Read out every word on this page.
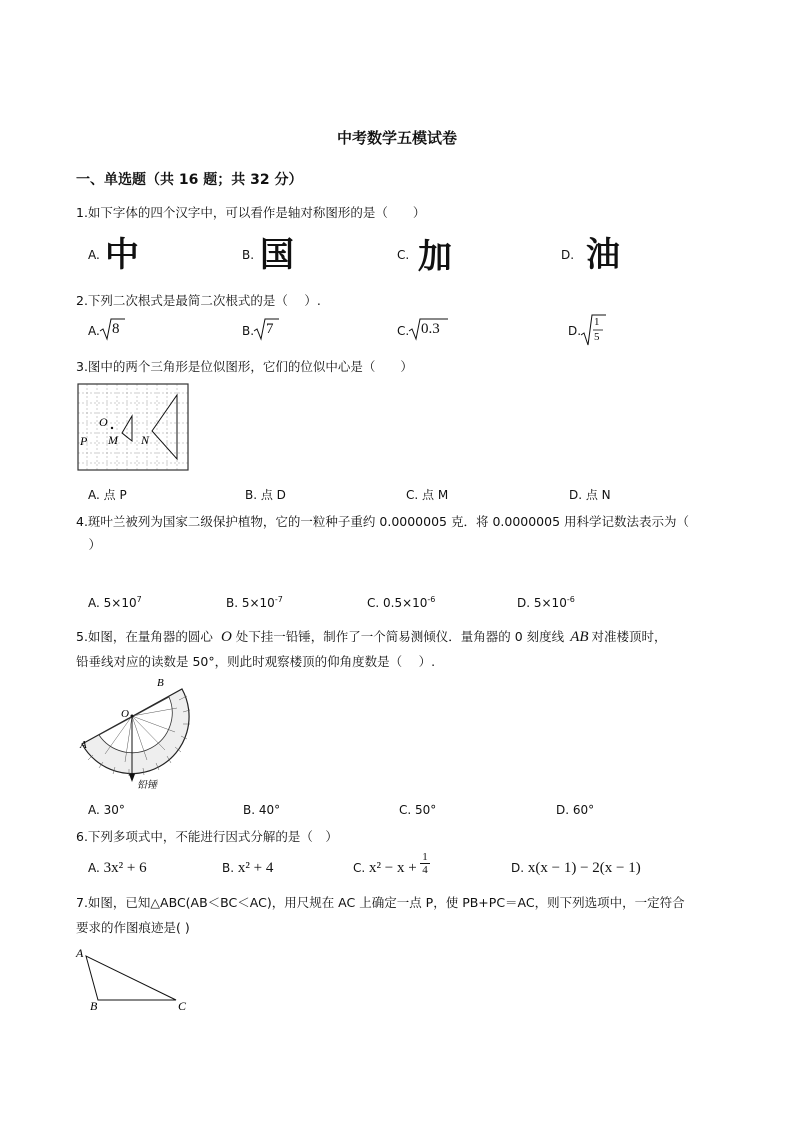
中考数学五模试卷
一、单选题（共 16 题；共 32 分）
1.如下字体的四个汉字中，可以看作是轴对称图形的是（　　）
A. 中	B. 国	C. 加	D. 油
2.下列二次根式是最简二次根式的是（　 ）.
A. 8	B. 7	C. 0.3	D.
1
5
3.图中的两个三角形是位似图形，它们的位似中心是（　　）
O
P M N
A. 点 P	B. 点 D	C. 点 M	D. 点 N
4.斑叶兰被列为国家二级保护植物，它的一粒种子重约 0.0000005 克．将 0.0000005 用科学记数法表示为（
　）
A. $5\times 10^7$	B. $5\times 10^{-7}$	C. $0.5\times 10^{-6}$	D. $5\times 10^{-6}$
5.如图，在量角器的圆心 O 处下挂一铅锤，制作了一个简易测倾仪．量角器的 0 刻度线 AB 对准楼顶时，
铅垂线对应的读数是 50°，则此时观察楼顶的仰角度数是（　 ）.
O
B
A
铅锤
A. 30°	B. 40°	C. 50°	D. 60°
6.下列多项式中，不能进行因式分解的是（　）
A. 3x² + 6	B. x² + 4	C. $x^2 - x + \frac{1}{4}$	D. x(x − 1) − 2(x − 1)
7.如图，已知△ABC(AB＜BC＜AC)，用尺规在 AC 上确定一点 P，使 PB+PC＝AC，则下列选项中，一定符合
要求的作图痕迹是( )
A
B	C
